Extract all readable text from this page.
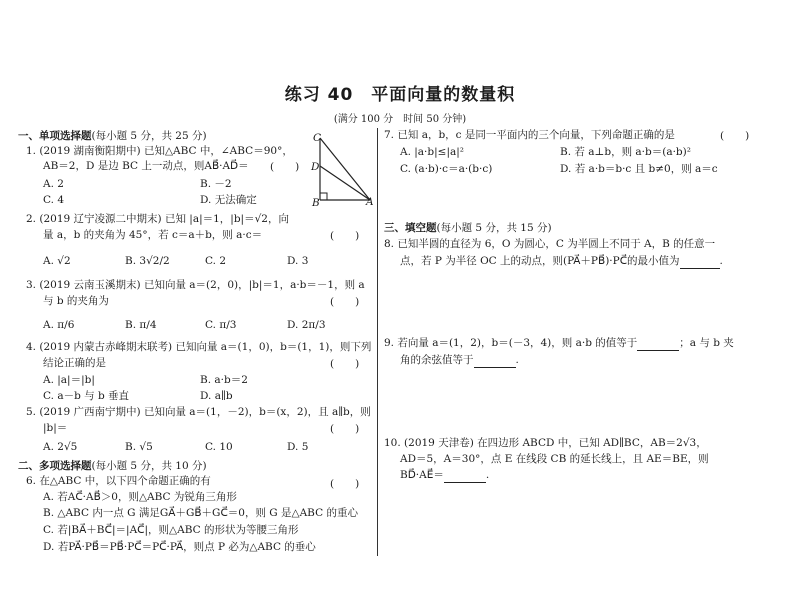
练习 40　平面向量的数量积
(满分 100 分　时间 50 分钟)
一、单项选择题(每小题 5 分，共 25 分)
1. (2019 湖南衡阳期中) 已知△ABC 中，∠ABC＝90°，
AB＝2，D 是边 BC 上一动点，则AB⃗·AD⃗＝ (　　)
A. 2	B. －2
C. 4	D. 无法确定
C
D
B	A
2. (2019 辽宁凌源二中期末) 已知 |a|＝1，|b|＝√2，向
量 a，b 的夹角为 45°，若 c＝a＋b，则 a·c＝	(　　)
A. √2	B. 3√2/2	C. 2	D. 3
3. (2019 云南玉溪期末) 已知向量 a＝(2，0)，|b|＝1，a·b＝－1，则 a
与 b 的夹角为	(　　)
A. π/6	B. π/4	C. π/3	D. 2π/3
4. (2019 内蒙古赤峰期末联考) 已知向量 a＝(1，0)，b＝(1，1)，则下列
结论正确的是	(　　)
A. |a|＝|b|	B. a·b＝2
C. a－b 与 b 垂直	D. a∥b
5. (2019 广西南宁期中) 已知向量 a＝(1，－2)，b＝(x，2)，且 a∥b，则
|b|＝	(　　)
A. 2√5	B. √5	C. 10	D. 5
二、多项选择题(每小题 5 分，共 10 分)
6. 在△ABC 中，以下四个命题正确的有	(　　)
A. 若AC⃗·AB⃗＞0，则△ABC 为锐角三角形
B. △ABC 内一点 G 满足GA⃗＋GB⃗＋GC⃗＝0，则 G 是△ABC 的重心
C. 若|BA⃗＋BC⃗|＝|AC⃗|，则△ABC 的形状为等腰三角形
D. 若PA⃗·PB⃗＝PB⃗·PC⃗＝PC⃗·PA⃗，则点 P 必为△ABC 的垂心
7. 已知 a，b，c 是同一平面内的三个向量，下列命题正确的是	(　　)
A. |a·b|≤|a|²	B. 若 a⊥b，则 a·b＝(a·b)²
C. (a·b)·c＝a·(b·c)	D. 若 a·b＝b·c 且 b≠0，则 a＝c
三、填空题(每小题 5 分，共 15 分)
8. 已知半圆的直径为 6，O 为圆心，C 为半圆上不同于 A，B 的任意一
点，若 P 为半径 OC 上的动点，则(PA⃗＋PB⃗)·PC⃗的最小值为	.
9. 若向量 a＝(1，2)，b＝(－3，4)，则 a·b 的值等于	；a 与 b 夹
角的余弦值等于	.
10. (2019 天津卷) 在四边形 ABCD 中，已知 AD∥BC，AB＝2√3，
AD＝5，A＝30°，点 E 在线段 CB 的延长线上，且 AE＝BE，则
BD⃗·AE⃗＝	.
